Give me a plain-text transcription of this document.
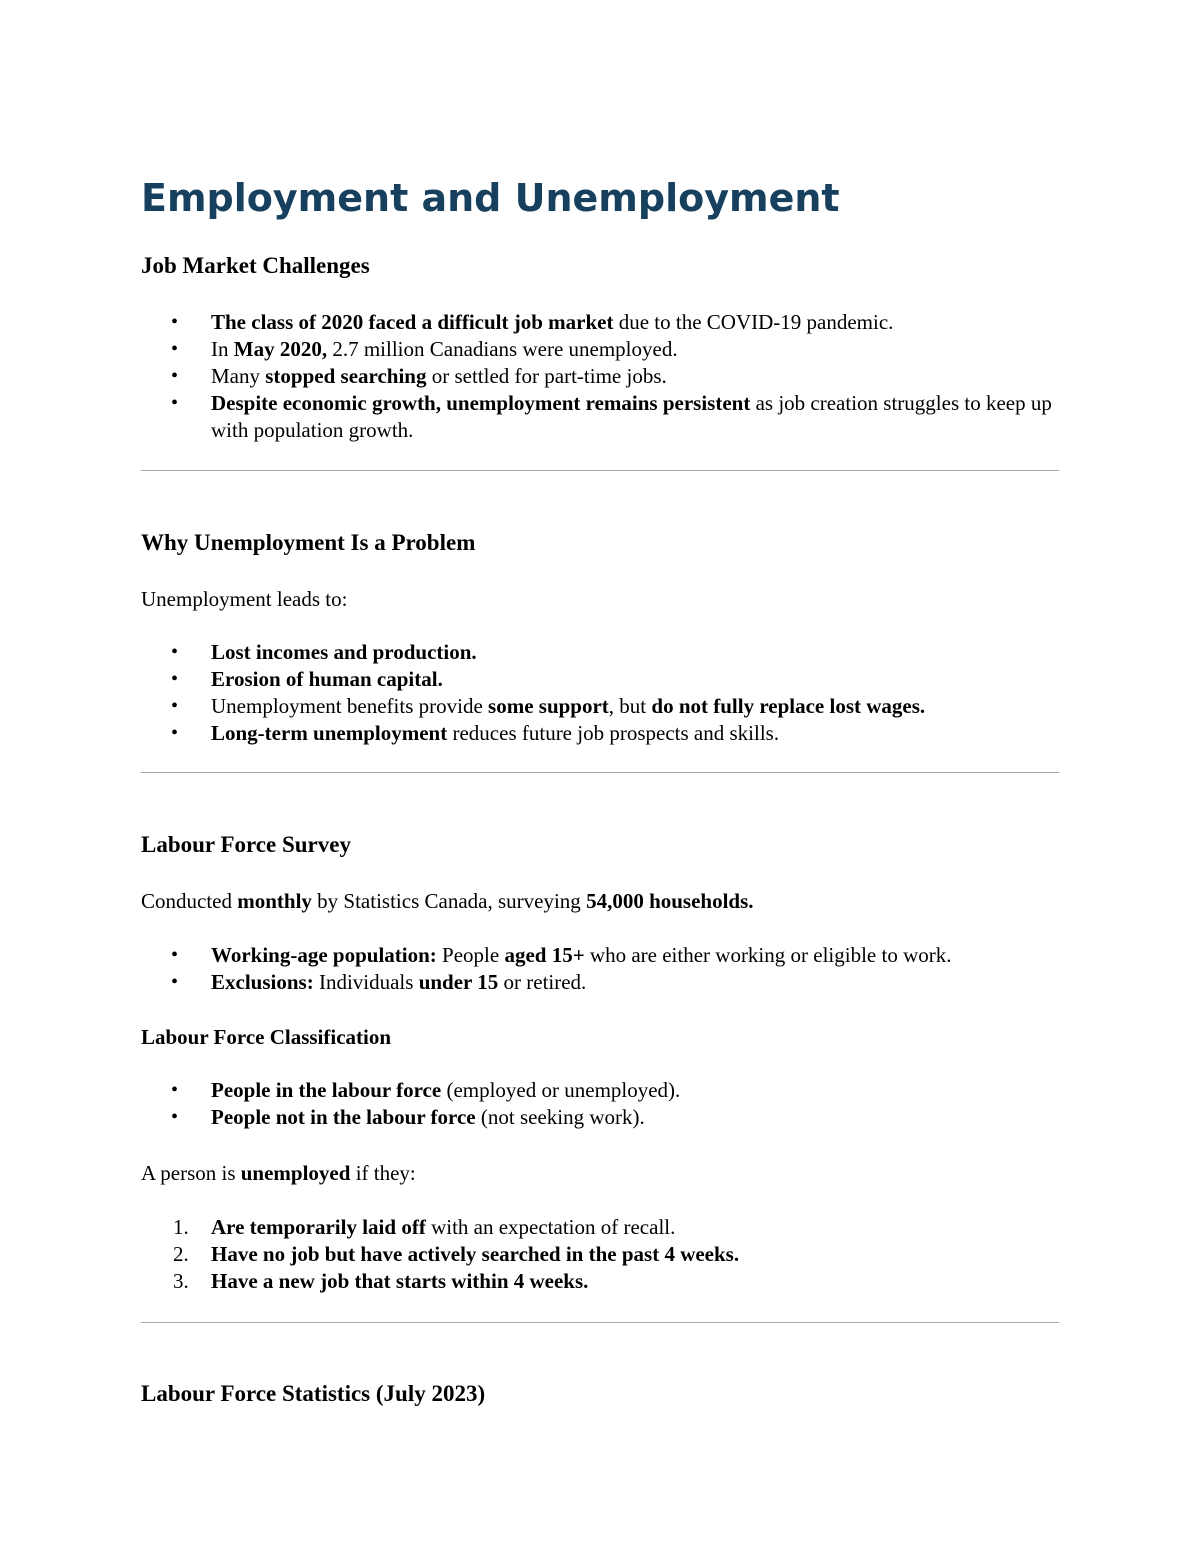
Employment and Unemployment
Job Market Challenges
• The class of 2020 faced a difficult job market due to the COVID-19 pandemic.
• In May 2020, 2.7 million Canadians were unemployed.
• Many stopped searching or settled for part-time jobs.
• Despite economic growth, unemployment remains persistent as job creation struggles to keep up with population growth.
Why Unemployment Is a Problem

Unemployment leads to:

• Lost incomes and production.
• Erosion of human capital.
• Unemployment benefits provide some support, but do not fully replace lost wages.
• Long-term unemployment reduces future job prospects and skills.
Labour Force Survey

Conducted monthly by Statistics Canada, surveying 54,000 households.

• Working-age population: People aged 15+ who are either working or eligible to work.
• Exclusions: Individuals under 15 or retired.
Labour Force Classification
• People in the labour force (employed or unemployed).
• People not in the labour force (not seeking work).

A person is unemployed if they:

1.	Are temporarily laid off with an expectation of recall.
2.	Have no job but have actively searched in the past 4 weeks.
3.	Have a new job that starts within 4 weeks.
Labour Force Statistics (July 2023)
